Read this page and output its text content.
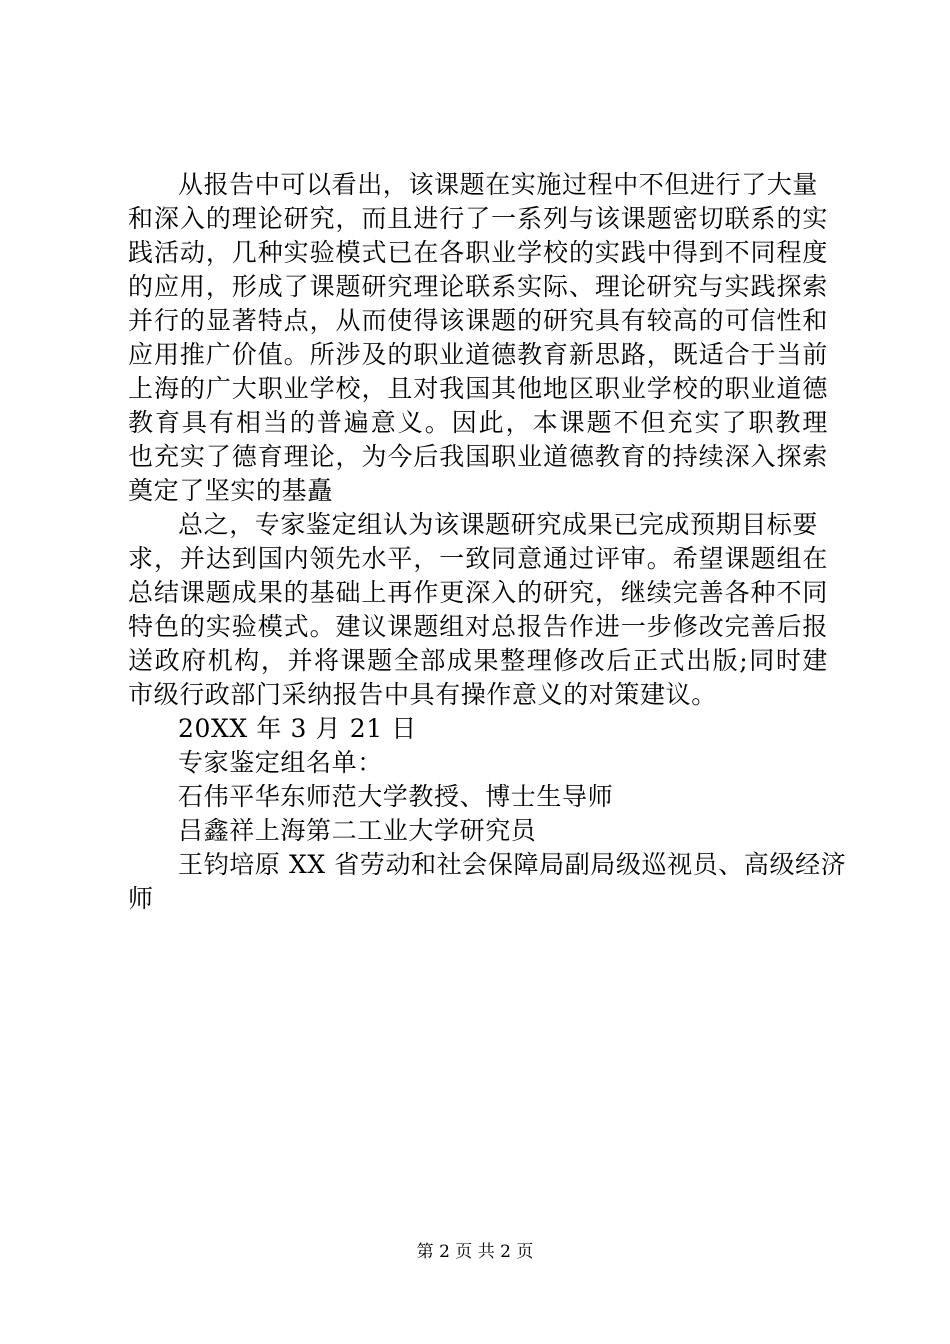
从报告中可以看出，该课题在实施过程中不但进行了大量
和深入的理论研究，而且进行了一系列与该课题密切联系的实
践活动，几种实验模式已在各职业学校的实践中得到不同程度
的应用，形成了课题研究理论联系实际、理论研究与实践探索
并行的显著特点，从而使得该课题的研究具有较高的可信性和
应用推广价值。所涉及的职业道德教育新思路，既适合于当前
上海的广大职业学校，且对我国其他地区职业学校的职业道德
教育具有相当的普遍意义。因此，本课题不但充实了职教理
也充实了德育理论，为今后我国职业道德教育的持续深入探索
奠定了坚实的基矗
总之，专家鉴定组认为该课题研究成果已完成预期目标要
求，并达到国内领先水平，一致同意通过评审。希望课题组在
总结课题成果的基础上再作更深入的研究，继续完善各种不同
特色的实验模式。建议课题组对总报告作进一步修改完善后报
送政府机构，并将课题全部成果整理修改后正式出版;同时建
市级行政部门采纳报告中具有操作意义的对策建议。
20XX 年 3 月 21 日
专家鉴定组名单：
石伟平华东师范大学教授、博士生导师
吕鑫祥上海第二工业大学研究员
王钧培原 XX 省劳动和社会保障局副局级巡视员、高级经济
师
第 2 页 共 2 页
